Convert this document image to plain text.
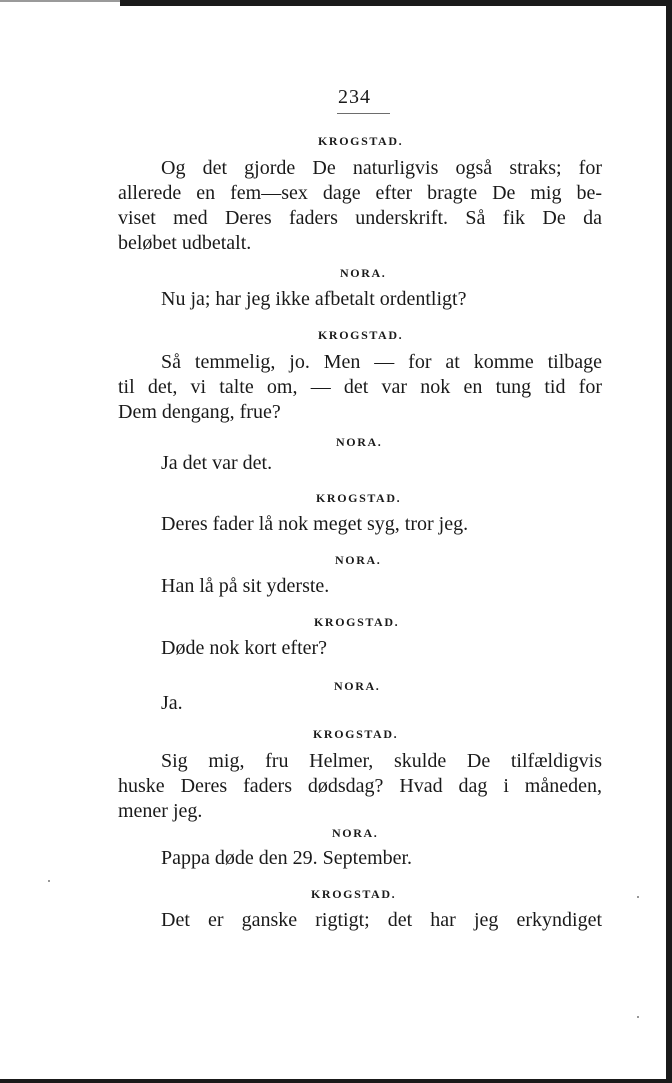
234
KROGSTAD.
Og det gjorde De naturligvis også straks; for
allerede en fem—sex dage efter bragte De mig be-
viset med Deres faders underskrift. Så fik De da
beløbet udbetalt.
NORA.
Nu ja; har jeg ikke afbetalt ordentligt?
KROGSTAD.
Så temmelig, jo. Men — for at komme tilbage
til det, vi talte om, — det var nok en tung tid for
Dem dengang, frue?
NORA.
Ja det var det.
KROGSTAD.
Deres fader lå nok meget syg, tror jeg.
NORA.
Han lå på sit yderste.
KROGSTAD.
Døde nok kort efter?
NORA.
Ja.
KROGSTAD.
Sig mig, fru Helmer, skulde De tilfældigvis
huske Deres faders dødsdag? Hvad dag i måneden,
mener jeg.
NORA.
Pappa døde den 29. September.
KROGSTAD.
Det er ganske rigtigt; det har jeg erkyndiget
